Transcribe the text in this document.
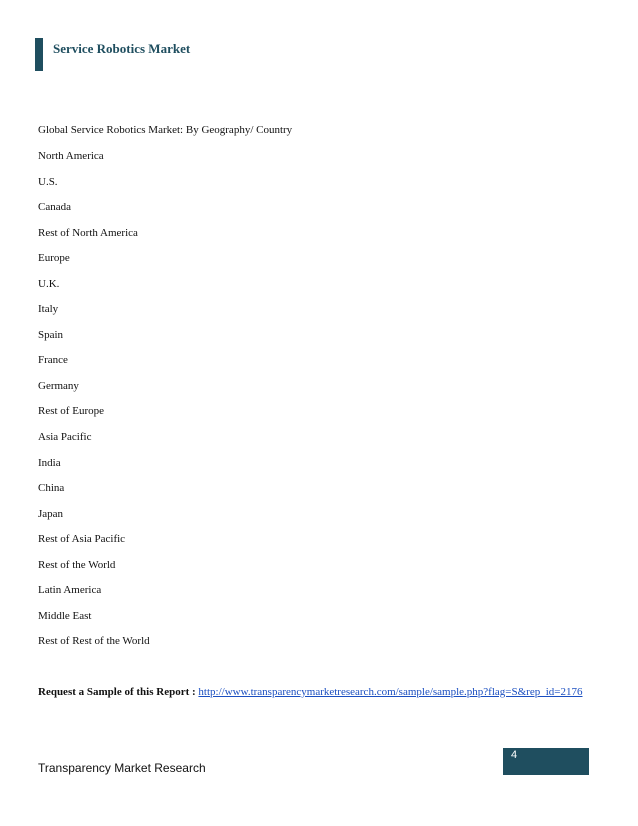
Service Robotics Market
Global Service Robotics Market: By Geography/ Country
North America
U.S.
Canada
Rest of North America
Europe
U.K.
Italy
Spain
France
Germany
Rest of Europe
Asia Pacific
India
China
Japan
Rest of Asia Pacific
Rest of the World
Latin America
Middle East
Rest of Rest of the World
Request a Sample of this Report : http://www.transparencymarketresearch.com/sample/sample.php?flag=S&rep_id=2176
4
Transparency Market Research
